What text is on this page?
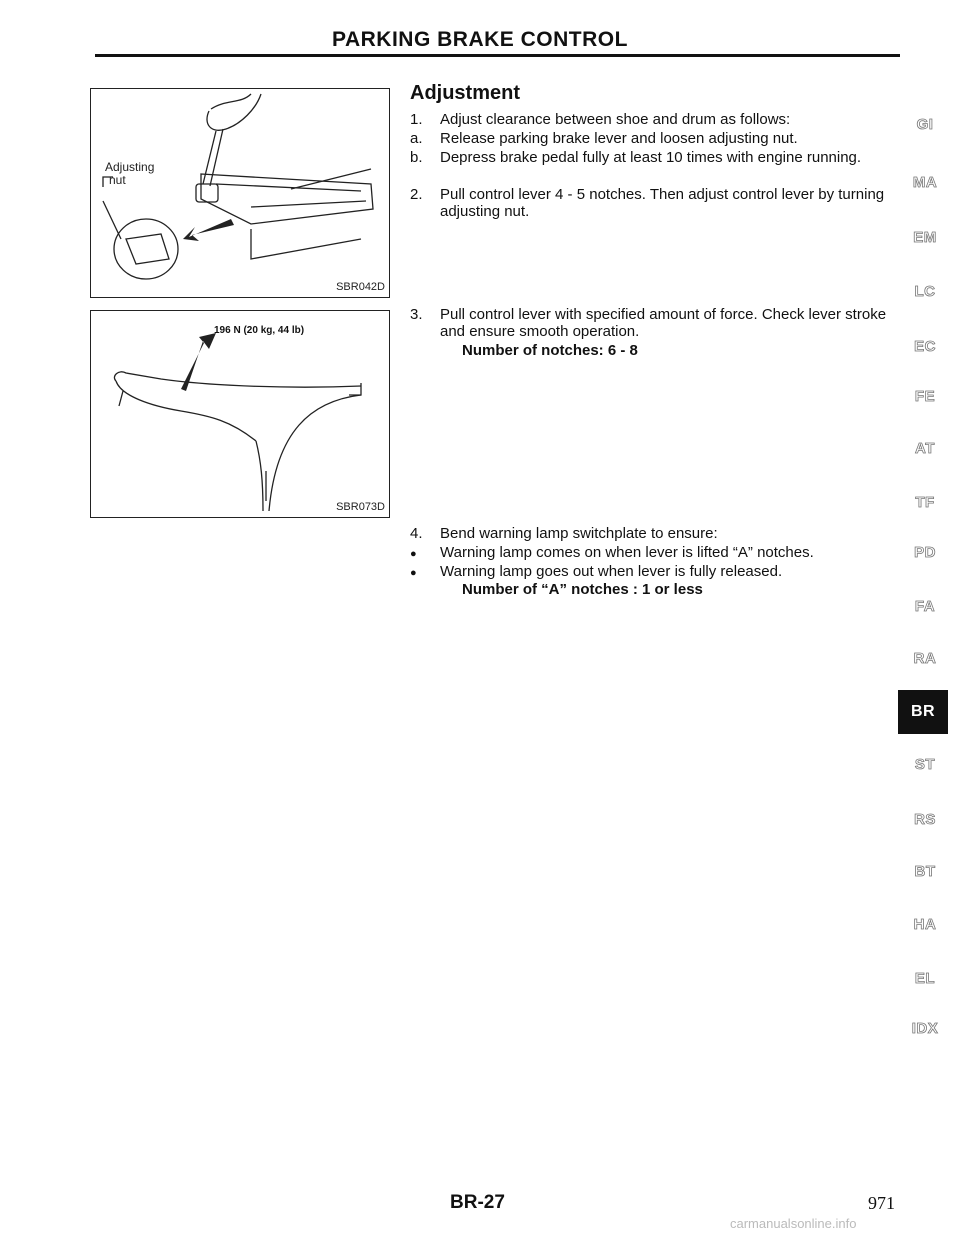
PARKING BRAKE CONTROL
Adjusting
nut
SBR042D
196 N (20 kg, 44 lb)
SBR073D
Adjustment
1. Adjust clearance between shoe and drum as follows:
a. Release parking brake lever and loosen adjusting nut.
b. Depress brake pedal fully at least 10 times with engine running.
2. Pull control lever 4 - 5 notches. Then adjust control lever by turning adjusting nut.
3. Pull control lever with specified amount of force. Check lever stroke and ensure smooth operation.
Number of notches: 6 - 8
4. Bend warning lamp switchplate to ensure:
● Warning lamp comes on when lever is lifted “A” notches.
● Warning lamp goes out when lever is fully released.
Number of “A” notches : 1 or less
GI
MA
EM
LC
EC
FE
AT
TF
PD
FA
RA
BR
ST
RS
BT
HA
EL
IDX
BR-27	971
carmanualsonline.info
